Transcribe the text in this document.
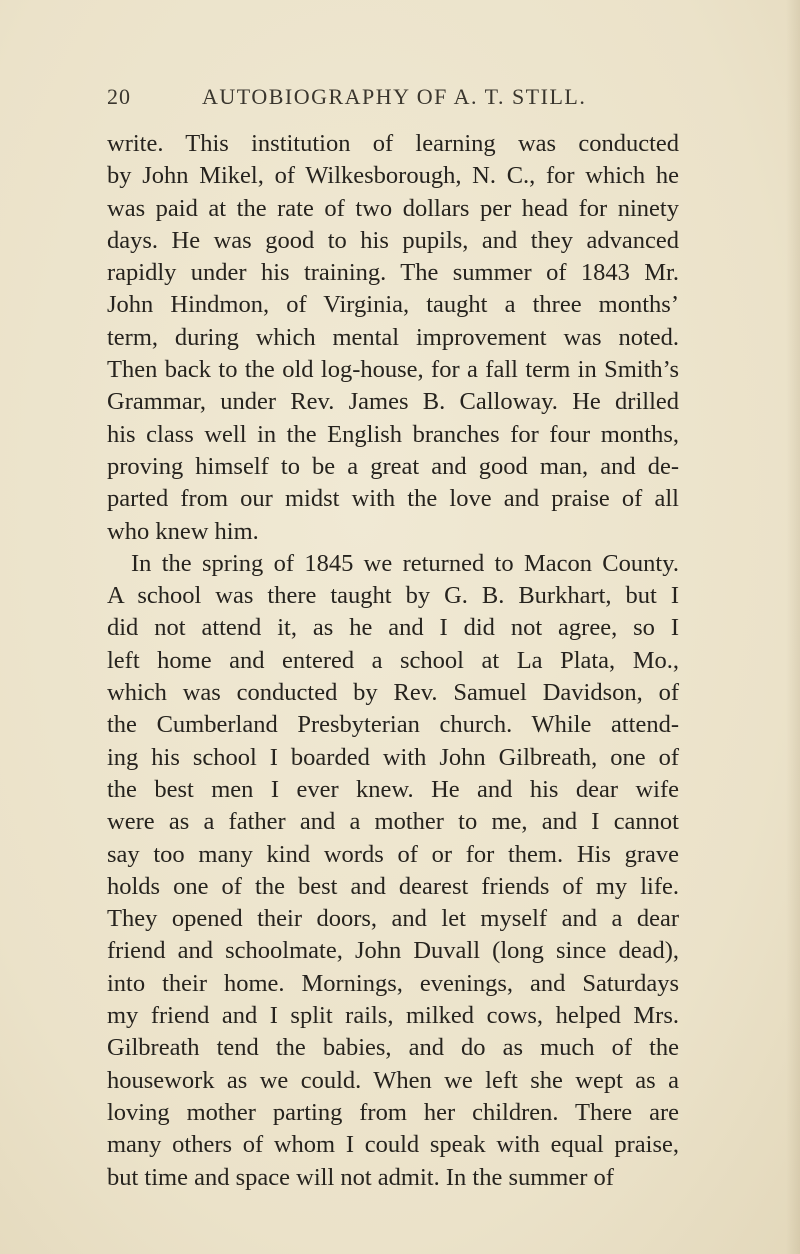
20	AUTOBIOGRAPHY OF A. T. STILL.
write. This institution of learning was conducted
by John Mikel, of Wilkesborough, N. C., for which he
was paid at the rate of two dollars per head for ninety
days. He was good to his pupils, and they advanced
rapidly under his training. The summer of 1843 Mr.
John Hindmon, of Virginia, taught a three months’
term, during which mental improvement was noted.
Then back to the old log-house, for a fall term in Smith’s
Grammar, under Rev. James B. Calloway. He drilled
his class well in the English branches for four months,
proving himself to be a great and good man, and de-
parted from our midst with the love and praise of all
who knew him.
In the spring of 1845 we returned to Macon County.
A school was there taught by G. B. Burkhart, but I
did not attend it, as he and I did not agree, so I
left home and entered a school at La Plata, Mo.,
which was conducted by Rev. Samuel Davidson, of
the Cumberland Presbyterian church. While attend-
ing his school I boarded with John Gilbreath, one of
the best men I ever knew. He and his dear wife
were as a father and a mother to me, and I cannot
say too many kind words of or for them. His grave
holds one of the best and dearest friends of my life.
They opened their doors, and let myself and a dear
friend and schoolmate, John Duvall (long since dead),
into their home. Mornings, evenings, and Saturdays
my friend and I split rails, milked cows, helped Mrs.
Gilbreath tend the babies, and do as much of the
housework as we could. When we left she wept as a
loving mother parting from her children. There are
many others of whom I could speak with equal praise,
but time and space will not admit. In the summer of
